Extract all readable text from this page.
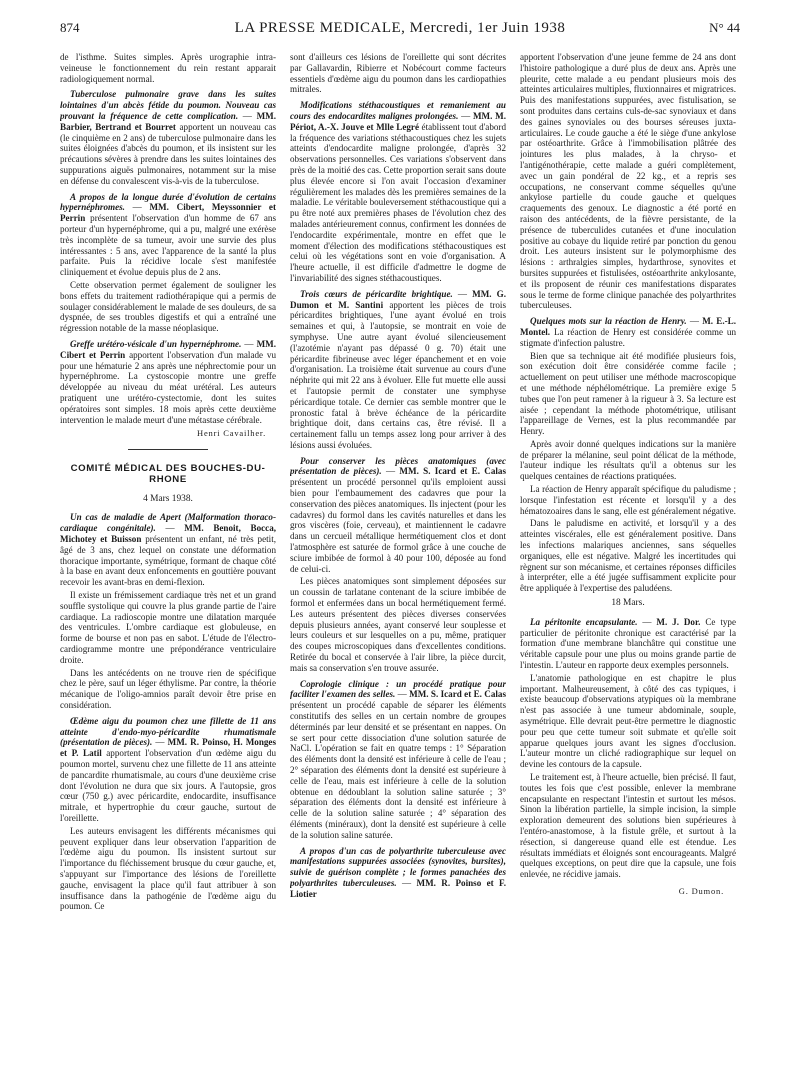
874	LA PRESSE MEDICALE, Mercredi, 1er Juin 1938	N° 44

de l'isthme. Suites simples. Après urographie intra-veineuse le fonctionnement du rein restant apparait radiologiquement normal.

Tuberculose pulmonaire grave dans les suites lointaines d'un abcès fétide du poumon. Nouveau cas prouvant la fréquence de cette complication. — MM. Barbier, Bertrand et Bourret apportent un nouveau cas (le cinquième en 2 ans) de tuberculose pulmonaire dans les suites éloignées d'abcès du poumon, et ils insistent sur les précautions sévères à prendre dans les suites lointaines des suppurations aiguës pulmonaires, notamment sur la mise en défense du convalescent vis-à-vis de la tuberculose.

A propos de la longue durée d'évolution de certains hypernéphromes. — MM. Cibert, Meyssonnier et Perrin présentent l'observation d'un homme de 67 ans porteur d'un hypernéphrome, qui a pu, malgré une exérèse très incomplète de sa tumeur, avoir une survie des plus intéressantes : 5 ans, avec l'apparence de la santé la plus parfaite. Puis la récidive locale s'est manifestée cliniquement et évolue depuis plus de 2 ans.

Cette observation permet également de souligner les bons effets du traitement radiothérapique qui a permis de soulager considérablement le malade de ses douleurs, de sa dyspnée, de ses troubles digestifs et qui a entraîné une régression notable de la masse néoplasique.

Greffe urétéro-vésicale d'un hypernéphrome. — MM. Cibert et Perrin apportent l'observation d'un malade vu pour une hématurie 2 ans après une néphrectomie pour un hypernéphrome. La cystoscopie montre une greffe développée au niveau du méat urétéral. Les auteurs pratiquent une urétéro-cystectomie, dont les suites opératoires sont simples. 18 mois après cette deuxième intervention le malade meurt d'une métastase cérébrale.

Henri Cavailher.
COMITÉ MÉDICAL DES BOUCHES-DU-RHONE
4 Mars 1938.

Un cas de maladie de Apert (Malformation thoraco-cardiaque congénitale). — MM. Benoit, Bocca, Michotey et Buisson présentent un enfant, né très petit, âgé de 3 ans, chez lequel on constate une déformation thoracique importante, symétrique, formant de chaque côté à la base en avant deux enfoncements en gouttière pouvant recevoir les avant-bras en demi-flexion.

Il existe un frémissement cardiaque très net et un grand souffle systolique qui couvre la plus grande partie de l'aire cardiaque. La radioscopie montre une dilatation marquée des ventricules. L'ombre cardiaque est globuleuse, en forme de bourse et non pas en sabot. L'étude de l'électro-cardiogramme montre une prépondérance ventriculaire droite.

Dans les antécédents on ne trouve rien de spécifique chez le père, sauf un léger éthylisme. Par contre, la théorie mécanique de l'oligo-amnios paraît devoir être prise en considération.

Œdème aigu du poumon chez une fillette de 11 ans atteinte d'endo-myo-péricardite rhumatismale (présentation de pièces). — MM. R. Poinso, H. Monges et P. Latil apportent l'observation d'un œdème aigu du poumon mortel, survenu chez une fillette de 11 ans atteinte de pancardite rhumatismale, au cours d'une deuxième crise dont l'évolution ne dura que six jours. A l'autopsie, gros cœur (750 g.) avec péricardite, endocardite, insuffisance mitrale, et hypertrophie du cœur gauche, surtout de l'oreillette.

Les auteurs envisagent les différents mécanismes qui peuvent expliquer dans leur observation l'apparition de l'œdème aigu du poumon. Ils insistent surtout sur l'importance du fléchissement brusque du cœur gauche, et, s'appuyant sur l'importance des lésions de l'oreillette gauche, envisagent la place qu'il faut attribuer à son insuffisance dans la pathogénie de l'œdème aigu du poumon. Ce

sont d'ailleurs ces lésions de l'oreillette qui sont décrites par Gallavardin, Ribierre et Nobécourt comme facteurs essentiels d'œdème aigu du poumon dans les cardiopathies mitrales.

Modifications stéthacoustiques et remaniement au cours des endocardites malignes prolongées. — MM. M. Périot, A.-X. Jouve et Mlle Legré établissent tout d'abord la fréquence des variations stéthacoustiques chez les sujets atteints d'endocardite maligne prolongée, d'après 32 observations personnelles. Ces variations s'observent dans près de la moitié des cas. Cette proportion serait sans doute plus élevée encore si l'on avait l'occasion d'examiner régulièrement les malades dès les premières semaines de la maladie. Le véritable bouleversement stéthacoustique qui a pu être noté aux premières phases de l'évolution chez des malades antérieurement connus, confirment les données de l'endocardite expérimentale, montre en effet que le moment d'élection des modifications stéthacoustiques est celui où les végétations sont en voie d'organisation. A l'heure actuelle, il est difficile d'admettre le dogme de l'invariabilité des signes stéthacoustiques.

Trois cœurs de péricardite brightique. — MM. G. Dumon et M. Santini apportent les pièces de trois péricardites brightiques, l'une ayant évolué en trois semaines et qui, à l'autopsie, se montrait en voie de symphyse. Une autre ayant évolué silencieusement (l'azotémie n'ayant pas dépassé 0 g. 70) était une péricardite fibrineuse avec léger épanchement et en voie d'organisation. La troisième était survenue au cours d'une néphrite qui mit 22 ans à évoluer. Elle fut muette elle aussi et l'autopsie permit de constater une symphyse péricardique totale. Ce dernier cas semble montrer que le pronostic fatal à brève échéance de la péricardite brightique doit, dans certains cas, être révisé. Il a certainement fallu un temps assez long pour arriver à des lésions aussi évoluées.

Pour conserver les pièces anatomiques (avec présentation de pièces). — MM. S. Icard et E. Calas présentent un procédé personnel qu'ils emploient aussi bien pour l'embaumement des cadavres que pour la conservation des pièces anatomiques. Ils injectent (pour les cadavres) du formol dans les cavités naturelles et dans les gros viscères (foie, cerveau), et maintiennent le cadavre dans un cercueil métallique hermétiquement clos et dont l'atmosphère est saturée de formol grâce à une couche de sciure imbibée de formol à 40 pour 100, déposée au fond de celui-ci.

Les pièces anatomiques sont simplement déposées sur un coussin de tarlatane contenant de la sciure imbibée de formol et enfermées dans un bocal hermétiquement fermé. Les auteurs présentent des pièces diverses conservées depuis plusieurs années, ayant conservé leur souplesse et leurs couleurs et sur lesquelles on a pu, même, pratiquer des coupes microscopiques dans d'excellentes conditions. Retirée du bocal et conservée à l'air libre, la pièce durcit, mais sa conservation s'en trouve assurée.

Coprologie clinique : un procédé pratique pour faciliter l'examen des selles. — MM. S. Icard et E. Calas présentent un procédé capable de séparer les éléments constitutifs des selles en un certain nombre de groupes déterminés par leur densité et se présentant en nappes. On se sert pour cette dissociation d'une solution saturée de NaCl. L'opération se fait en quatre temps : 1° Séparation des éléments dont la densité est inférieure à celle de l'eau ; 2° séparation des éléments dont la densité est supérieure à celle de l'eau, mais est inférieure à celle de la solution obtenue en dédoublant la solution saline saturée ; 3° séparation des éléments dont la densité est inférieure à celle de la solution saline saturée ; 4° séparation des éléments (minéraux), dont la densité est supérieure à celle de la solution saline saturée.

A propos d'un cas de polyarthrite tuberculeuse avec manifestations suppurées associées (synovites, bursites), suivie de guérison complète ; le formes panachées des polyarthrites tuberculeuses. — MM. R. Poinso et F. Liotier

apportent l'observation d'une jeune femme de 24 ans dont l'histoire pathologique a duré plus de deux ans. Après une pleurite, cette malade a eu pendant plusieurs mois des atteintes articulaires multiples, fluxionnaires et migratrices. Puis des manifestations suppurées, avec fistulisation, se sont produites dans certains culs-de-sac synoviaux et dans des gaines synoviales ou des bourses séreuses juxta-articulaires. Le coude gauche a été le siège d'une ankylose par ostéoarthrite. Grâce à l'immobilisation plâtrée des jointures les plus malades, à la chryso- et l'antigénothérapie, cette malade a guéri complètement, avec un gain pondéral de 22 kg., et a repris ses occupations, ne conservant comme séquelles qu'une ankylose partielle du coude gauche et quelques craquements des genoux. Le diagnostic a été porté en raison des antécédents, de la fièvre persistante, de la présence de tuberculides cutanées et d'une inoculation positive au cobaye du liquide retiré par ponction du genou droit. Les auteurs insistent sur le polymorphisme des lésions : arthralgies simples, hydarthrose, synovites et bursites suppurées et fistulisées, ostéoarthrite ankylosante, et ils proposent de réunir ces manifestations disparates sous le terme de forme clinique panachée des polyarthrites tuberculeuses.

Quelques mots sur la réaction de Henry. — M. E.-L. Montel. La réaction de Henry est considérée comme un stigmate d'infection palustre.

Bien que sa technique ait été modifiée plusieurs fois, son exécution doit être considérée comme facile ; actuellement on peut utiliser une méthode macroscopique et une méthode néphélométrique. La première exige 5 tubes que l'on peut ramener à la rigueur à 3. Sa lecture est aisée ; cependant la méthode photométrique, utilisant l'appareillage de Vernes, est la plus recommandée par Henry.

Après avoir donné quelques indications sur la manière de préparer la mélanine, seul point délicat de la méthode, l'auteur indique les résultats qu'il a obtenus sur les quelques centaines de réactions pratiquées.

La réaction de Henry apparaît spécifique du paludisme ; lorsque l'infestation est récente et lorsqu'il y a des hématozoaires dans le sang, elle est généralement négative.

Dans le paludisme en activité, et lorsqu'il y a des atteintes viscérales, elle est généralement positive. Dans les infections malariques anciennes, sans séquelles organiques, elle est négative. Malgré les incertitudes qui règnent sur son mécanisme, et certaines réponses difficiles à interpréter, elle a été jugée suffisamment explicite pour être appliquée à l'expertise des paludéens.

18 Mars.

La péritonite encapsulante. — M. J. Dor. Ce type particulier de péritonite chronique est caractérisé par la formation d'une membrane blanchâtre qui constitue une véritable capsule pour une plus ou moins grande partie de l'intestin. L'auteur en rapporte deux exemples personnels.

L'anatomie pathologique en est chapitre le plus important. Malheureusement, à côté des cas typiques, i existe beaucoup d'observations atypiques où la membrane n'est pas associée à une tumeur abdominale, souple, asymétrique. Elle devrait peut-être permettre le diagnostic pour peu que cette tumeur soit submate et qu'elle soit apparue quelques jours avant les signes d'occlusion. L'auteur montre un cliché radiographique sur lequel on devine les contours de la capsule.

Le traitement est, à l'heure actuelle, bien précisé. Il faut, toutes les fois que c'est possible, enlever la membrane encapsulante en respectant l'intestin et surtout les mésos. Sinon la libération partielle, la simple incision, la simple exploration demeurent des solutions bien supérieures à l'entéro-anastomose, à la fistule grêle, et surtout à la résection, si dangereuse quand elle est étendue. Les résultats immédiats et éloignés sont encourageants. Malgré quelques exceptions, on peut dire que la capsule, une fois enlevée, ne récidive jamais.

G. Dumon.
